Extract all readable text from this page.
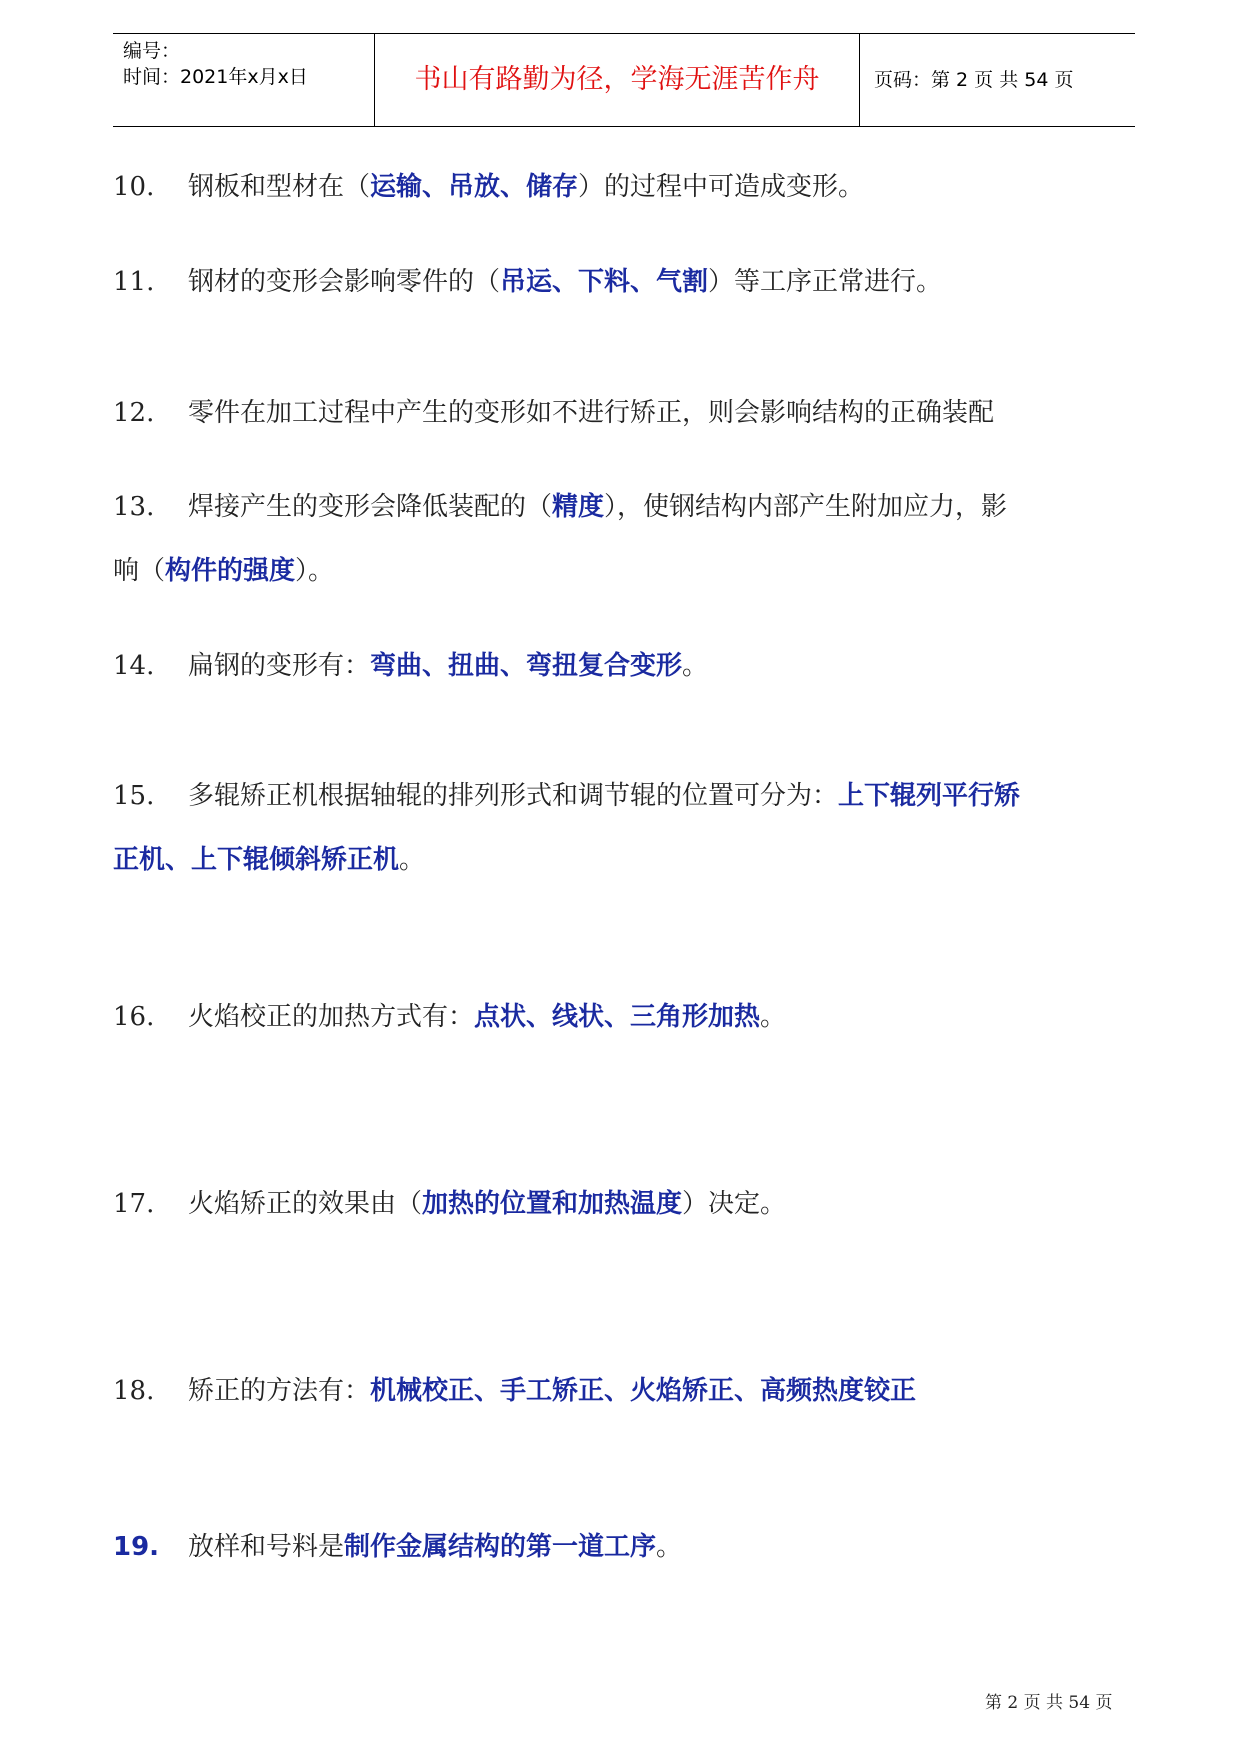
编号：
时间：2021年x月x日	书山有路勤为径，学海无涯苦作舟	页码：第 2 页 共 54 页
10. 钢板和型材在（运输、吊放、储存）的过程中可造成变形。
11. 钢材的变形会影响零件的（吊运、下料、气割）等工序正常进行。
12. 零件在加工过程中产生的变形如不进行矫正，则会影响结构的正确装配
13. 焊接产生的变形会降低装配的（精度），使钢结构内部产生附加应力，影
响（构件的强度）。
14. 扁钢的变形有：弯曲、扭曲、弯扭复合变形。
15. 多辊矫正机根据轴辊的排列形式和调节辊的位置可分为：上下辊列平行矫
正机、上下辊倾斜矫正机。
16. 火焰校正的加热方式有：点状、线状、三角形加热。
17. 火焰矫正的效果由（加热的位置和加热温度）决定。
18. 矫正的方法有：机械校正、手工矫正、火焰矫正、高频热度铰正
19. 放样和号料是制作金属结构的第一道工序。
第 2 页 共 54 页
